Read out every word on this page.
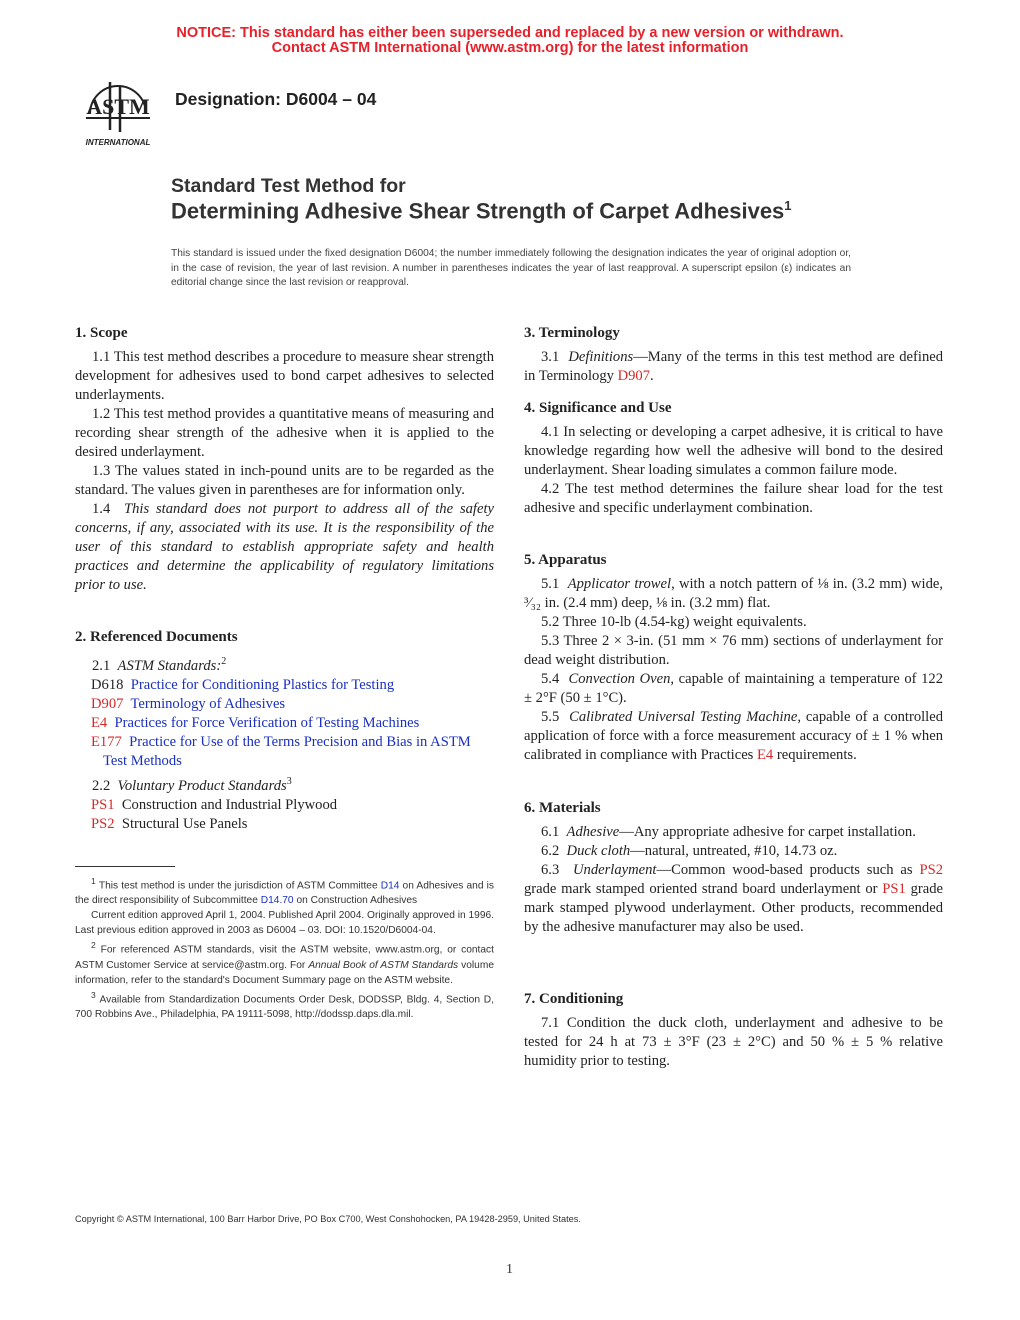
NOTICE: This standard has either been superseded and replaced by a new version or withdrawn.
Contact ASTM International (www.astm.org) for the latest information
ASTM
INTERNATIONAL
Designation: D6004 – 04
Standard Test Method for
Determining Adhesive Shear Strength of Carpet Adhesives$^1$
This standard is issued under the fixed designation D6004; the number immediately following the designation indicates the year of original adoption or, in the case of revision, the year of last revision. A number in parentheses indicates the year of last reapproval. A superscript epsilon (ε) indicates an editorial change since the last revision or reapproval.
1. Scope
1.1 This test method describes a procedure to measure shear strength development for adhesives used to bond carpet adhesives to selected underlayments.
1.2 This test method provides a quantitative means of measuring and recording shear strength of the adhesive when it is applied to the desired underlayment.
1.3 The values stated in inch-pound units are to be regarded as the standard. The values given in parentheses are for information only.
1.4 This standard does not purport to address all of the safety concerns, if any, associated with its use. It is the responsibility of the user of this standard to establish appropriate safety and health practices and determine the applicability of regulatory limitations prior to use.
2. Referenced Documents
2.1 ASTM Standards:$^2$
D618 Practice for Conditioning Plastics for Testing
D907 Terminology of Adhesives
E4 Practices for Force Verification of Testing Machines
E177 Practice for Use of the Terms Precision and Bias in ASTM Test Methods
2.2 Voluntary Product Standards$^3$
PS1 Construction and Industrial Plywood
PS2 Structural Use Panels

$^1$ This test method is under the jurisdiction of ASTM Committee D14 on Adhesives and is the direct responsibility of Subcommittee D14.70 on Construction Adhesives

Current edition approved April 1, 2004. Published April 2004. Originally approved in 1996. Last previous edition approved in 2003 as D6004 – 03. DOI: 10.1520/D6004-04.

$^2$ For referenced ASTM standards, visit the ASTM website, www.astm.org, or contact ASTM Customer Service at service@astm.org. For Annual Book of ASTM Standards volume information, refer to the standard's Document Summary page on the ASTM website.

$^3$ Available from Standardization Documents Order Desk, DODSSP, Bldg. 4, Section D, 700 Robbins Ave., Philadelphia, PA 19111-5098, http://dodssp.daps.dla.mil.

3. Terminology
3.1 Definitions—Many of the terms in this test method are defined in Terminology D907.
4. Significance and Use
4.1 In selecting or developing a carpet adhesive, it is critical to have knowledge regarding how well the adhesive will bond to the desired underlayment. Shear loading simulates a common failure mode.
4.2 The test method determines the failure shear load for the test adhesive and specific underlayment combination.
5. Apparatus
5.1 Applicator trowel, with a notch pattern of ⅛ in. (3.2 mm) wide, ³⁄₃₂ in. (2.4 mm) deep, ⅛ in. (3.2 mm) flat.
5.2 Three 10-lb (4.54-kg) weight equivalents.
5.3 Three 2 × 3-in. (51 mm × 76 mm) sections of underlayment for dead weight distribution.
5.4 Convection Oven, capable of maintaining a temperature of 122 ± 2°F (50 ± 1°C).
5.5 Calibrated Universal Testing Machine, capable of a controlled application of force with a force measurement accuracy of ± 1 % when calibrated in compliance with Practices E4 requirements.
6. Materials
6.1 Adhesive—Any appropriate adhesive for carpet installation.
6.2 Duck cloth—natural, untreated, #10, 14.73 oz.
6.3 Underlayment—Common wood-based products such as PS2 grade mark stamped oriented strand board underlayment or PS1 grade mark stamped plywood underlayment. Other products, recommended by the adhesive manufacturer may also be used.
7. Conditioning
7.1 Condition the duck cloth, underlayment and adhesive to be tested for 24 h at 73 ± 3°F (23 ± 2°C) and 50 % ± 5 % relative humidity prior to testing.
Copyright © ASTM International, 100 Barr Harbor Drive, PO Box C700, West Conshohocken, PA 19428-2959, United States.
1
